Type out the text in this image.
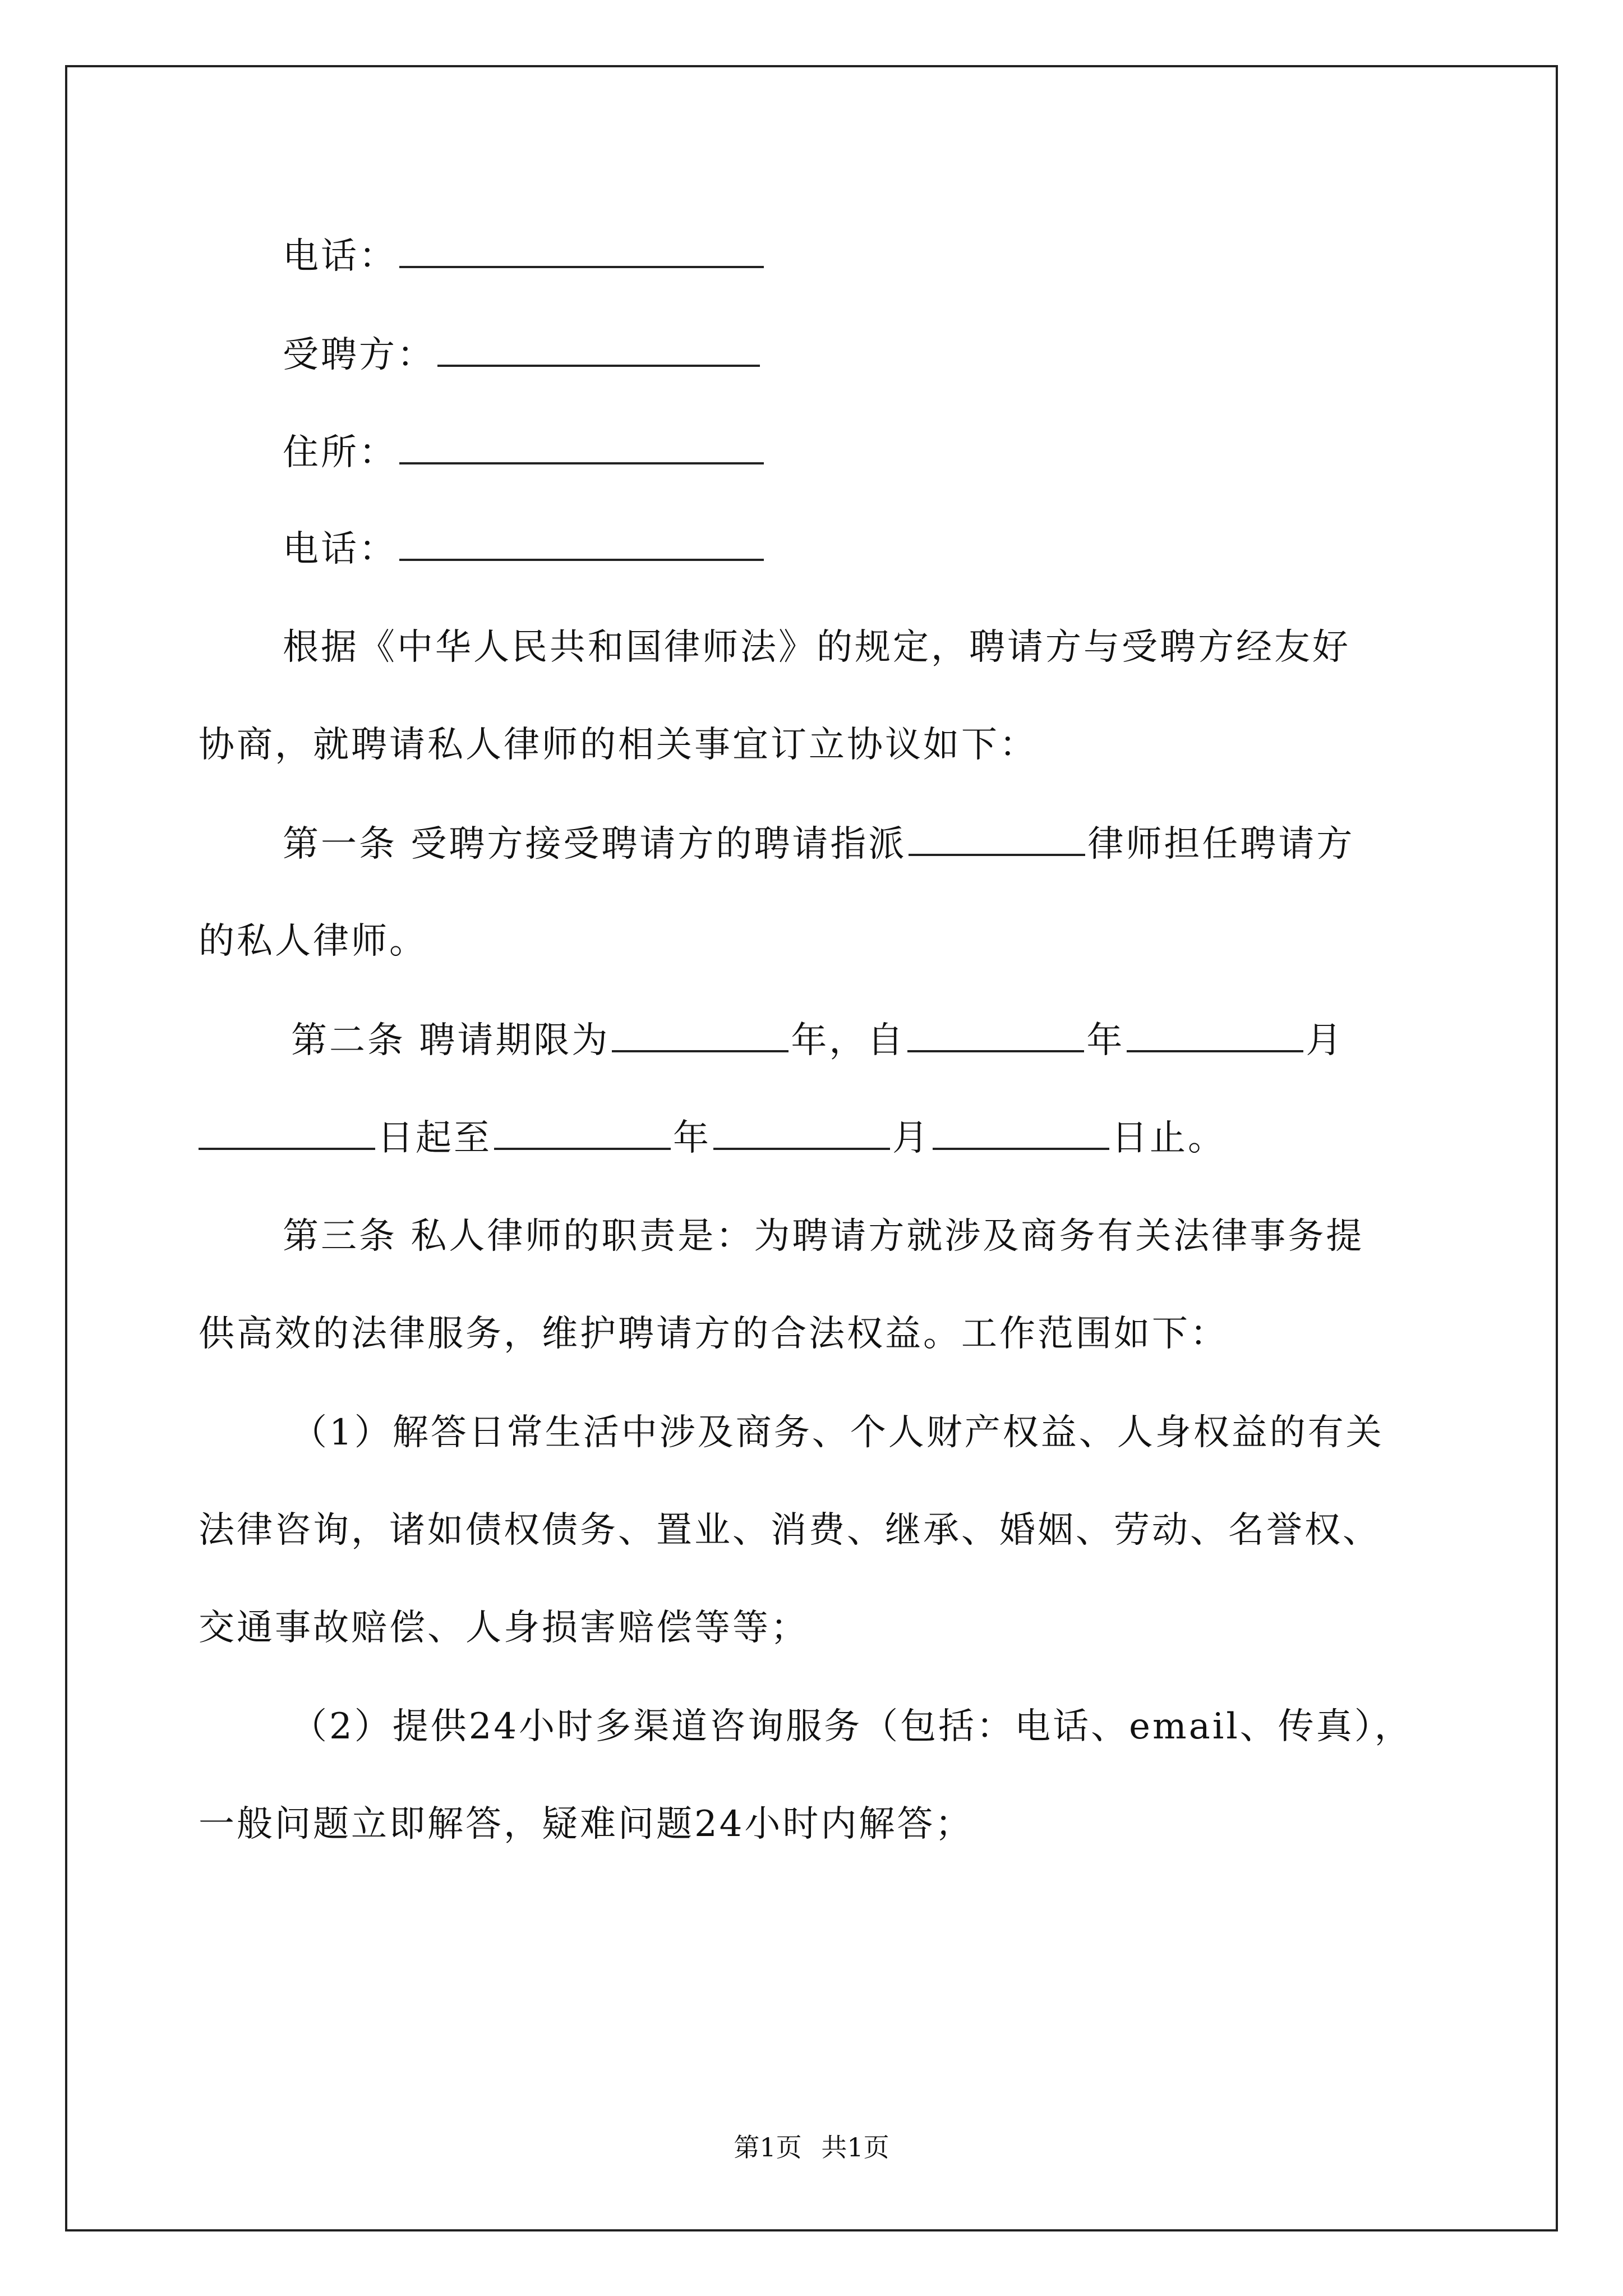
电话：
受聘方：
住所：
电话：
根据《中华人民共和国律师法》的规定，聘请方与受聘方经友好
协商，就聘请私人律师的相关事宜订立协议如下：
第一条 受聘方接受聘请方的聘请指派	律师担任聘请方
的私人律师。
第二条 聘请期限为	年，自	年	月
日起至	年	月	日止。
第三条 私人律师的职责是：为聘请方就涉及商务有关法律事务提
供高效的法律服务，维护聘请方的合法权益。工作范围如下：
（1）解答日常生活中涉及商务、个人财产权益、人身权益的有关
法律咨询，诸如债权债务、置业、消费、继承、婚姻、劳动、名誉权、
交通事故赔偿、人身损害赔偿等等；
（2）提供24小时多渠道咨询服务（包括：电话、email、传真），
一般问题立即解答，疑难问题24小时内解答；
第1页 共1页
